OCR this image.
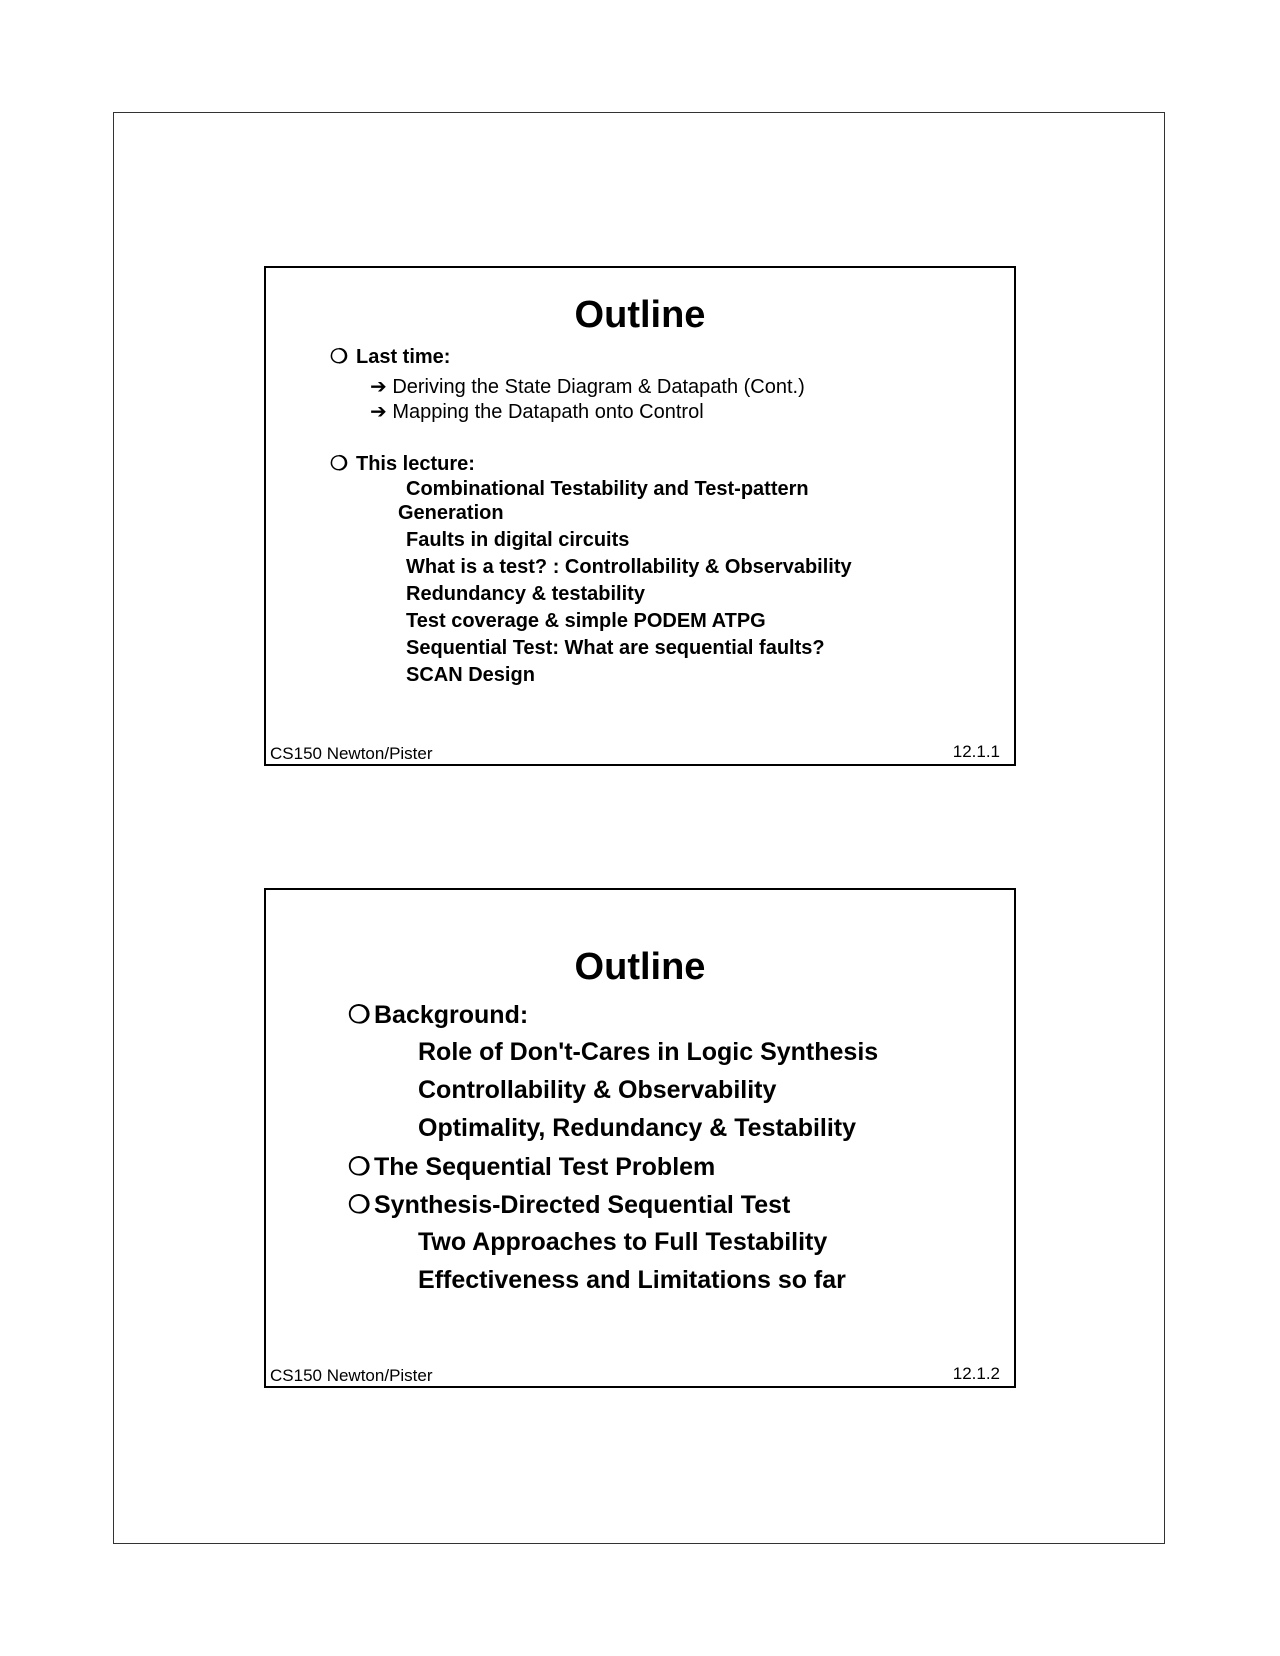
Outline
❍ Last time:
➔ Deriving the State Diagram & Datapath (Cont.)
➔ Mapping the Datapath onto Control
❍ This lecture:
Combinational Testability and Test-pattern
Generation
Faults in digital circuits
What is a test? : Controllability & Observability
Redundancy & testability
Test coverage & simple PODEM ATPG
Sequential Test: What are sequential faults?
SCAN Design
CS150 Newton/Pister	12.1.1
Outline
❍ Background:
Role of Don't-Cares in Logic Synthesis
Controllability & Observability
Optimality, Redundancy & Testability
❍ The Sequential Test Problem
❍ Synthesis-Directed Sequential Test
Two Approaches to Full Testability
Effectiveness and Limitations so far
CS150 Newton/Pister	12.1.2
